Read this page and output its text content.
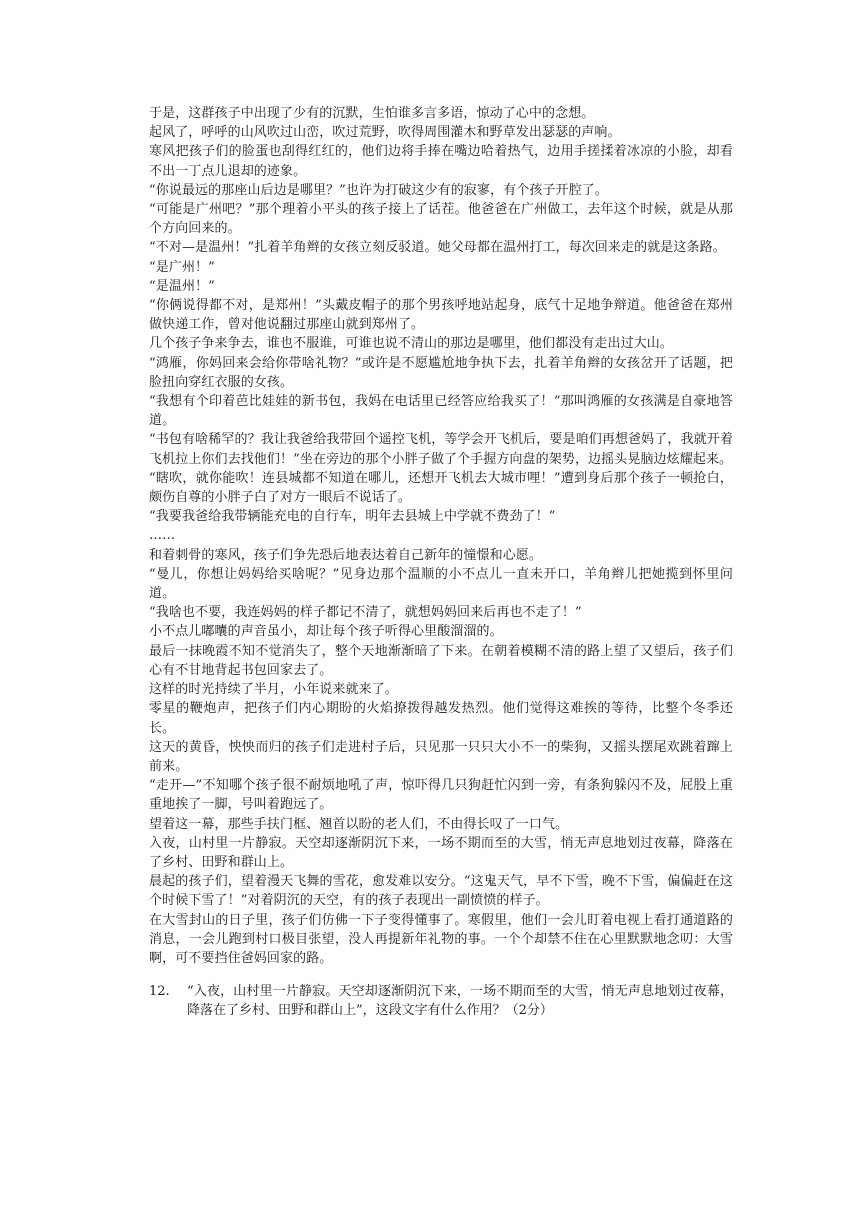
于是，这群孩子中出现了少有的沉默，生怕谁多言多语，惊动了心中的念想。

起风了，呼呼的山风吹过山峦，吹过荒野，吹得周围灌木和野草发出瑟瑟的声响。

寒风把孩子们的脸蛋也刮得红红的，他们边将手捧在嘴边哈着热气，边用手搓揉着冰凉的小脸，却看不出一丁点儿退却的迹象。

“你说最远的那座山后边是哪里？”也许为打破这少有的寂寥，有个孩子开腔了。

“可能是广州吧？”那个理着小平头的孩子接上了话茬。他爸爸在广州做工，去年这个时候，就是从那个方向回来的。

“不对—是温州！”扎着羊角辫的女孩立刻反驳道。她父母都在温州打工，每次回来走的就是这条路。

“是广州！”

“是温州！”

“你俩说得都不对，是郑州！”头戴皮帽子的那个男孩呼地站起身，底气十足地争辩道。他爸爸在郑州做快递工作，曾对他说翻过那座山就到郑州了。

几个孩子争来争去，谁也不服谁，可谁也说不清山的那边是哪里，他们都没有走出过大山。

“鸿雁，你妈回来会给你带啥礼物？”或许是不愿尴尬地争执下去，扎着羊角辫的女孩岔开了话题，把脸扭向穿红衣服的女孩。

“我想有个印着芭比娃娃的新书包，我妈在电话里已经答应给我买了！”那叫鸿雁的女孩满是自豪地答道。

“书包有啥稀罕的？我让我爸给我带回个遥控飞机，等学会开飞机后，要是咱们再想爸妈了，我就开着飞机拉上你们去找他们！”坐在旁边的那个小胖子做了个手握方向盘的架势，边摇头晃脑边炫耀起来。

“瞎吹，就你能吹！连县城都不知道在哪儿，还想开飞机去大城市哩！”遭到身后那个孩子一顿抢白，颇伤自尊的小胖子白了对方一眼后不说话了。

“我要我爸给我带辆能充电的自行车，明年去县城上中学就不费劲了！”

……

和着刺骨的寒风，孩子们争先恐后地表达着自己新年的憧憬和心愿。

“曼儿，你想让妈妈给买啥呢？”见身边那个温顺的小不点儿一直未开口，羊角辫儿把她揽到怀里问道。

“我啥也不要，我连妈妈的样子都记不清了，就想妈妈回来后再也不走了！”

小不点儿嘟囔的声音虽小，却让每个孩子听得心里酸溜溜的。

最后一抹晚霞不知不觉消失了，整个天地渐渐暗了下来。在朝着模糊不清的路上望了又望后，孩子们心有不甘地背起书包回家去了。

这样的时光持续了半月，小年说来就来了。

零星的鞭炮声，把孩子们内心期盼的火焰撩拨得越发热烈。他们觉得这难挨的等待，比整个冬季还长。

这天的黄昏，怏怏而归的孩子们走进村子后，只见那一只只大小不一的柴狗，又摇头摆尾欢跳着蹿上前来。

“走开—”不知哪个孩子很不耐烦地吼了声，惊吓得几只狗赶忙闪到一旁，有条狗躲闪不及，屁股上重重地挨了一脚，号叫着跑远了。

望着这一幕，那些手扶门框、翘首以盼的老人们，不由得长叹了一口气。

入夜，山村里一片静寂。天空却逐渐阴沉下来，一场不期而至的大雪，悄无声息地划过夜幕，降落在了乡村、田野和群山上。

晨起的孩子们，望着漫天飞舞的雪花，愈发难以安分。“这鬼天气，早不下雪，晚不下雪，偏偏赶在这个时候下雪了！”对着阴沉的天空，有的孩子表现出一副愤愤的样子。

在大雪封山的日子里，孩子们仿佛一下子变得懂事了。寒假里，他们一会儿盯着电视上看打通道路的消息，一会儿跑到村口极目张望，没人再提新年礼物的事。一个个却禁不住在心里默默地念叨：大雪啊，可不要挡住爸妈回家的路。

12.	“入夜，山村里一片静寂。天空却逐渐阴沉下来，一场不期而至的大雪，悄无声息地划过夜幕，降落在了乡村、田野和群山上”，这段文字有什么作用？（2分）
